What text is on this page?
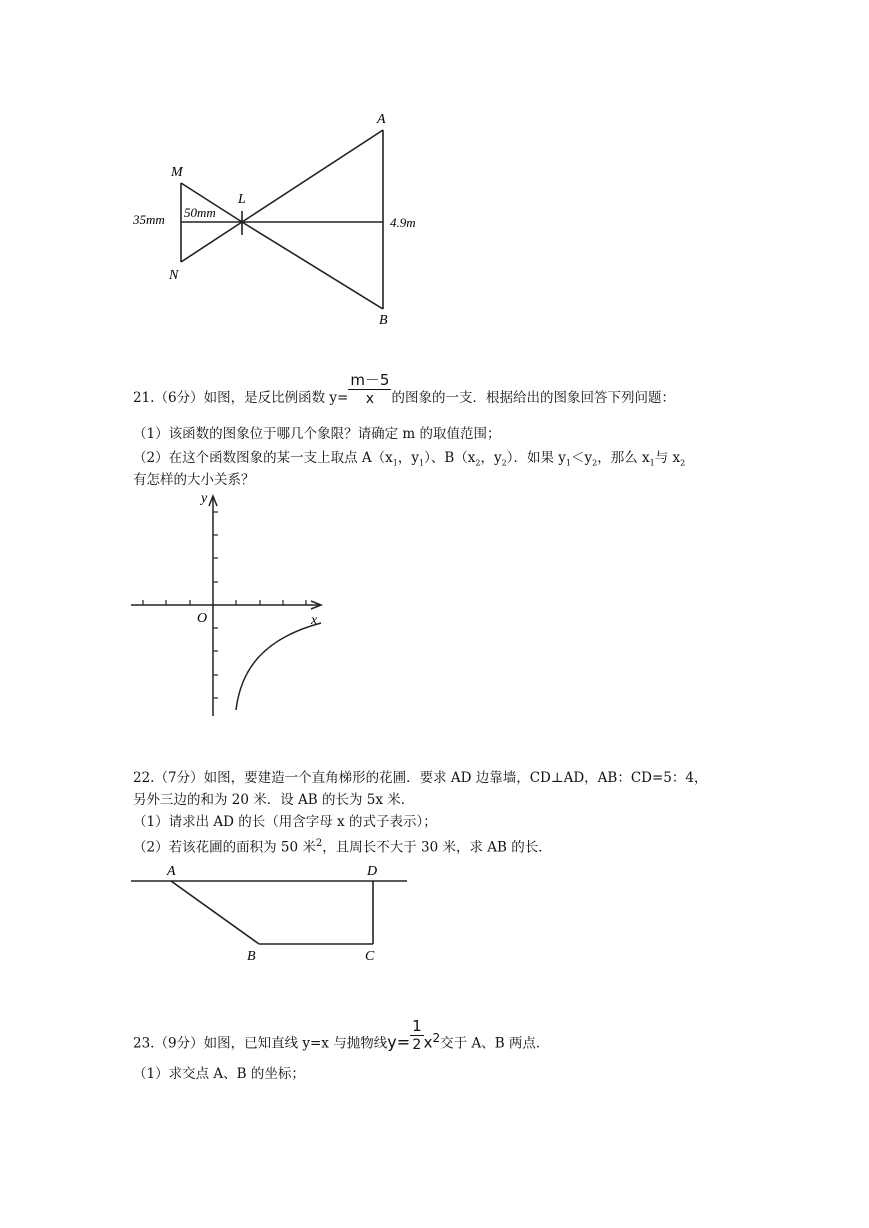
A
B
M
N
L
35mm 50mm
4.9m
21.（6分）如图，是反比例函数 $y= \frac{m-5}{x}$ 的图象的一支．根据给出的图象回答下列问题：
（1）该函数的图象位于哪几个象限？请确定 m 的取值范围；
（2）在这个函数图象的某一支上取点 $A(x_1$，$y_1$）、$B(x_2$，$y_2$）．如果 $y_1<y_2$，那么 $x_1$与 $x_2$
有怎样的大小关系？
y
x
O
22.（7分）如图，要建造一个直角梯形的花圃．要求 AD 边靠墙，CD⊥AD，AB：CD=5：4，
另外三边的和为 20 米．设 AB 的长为 5x 米．
（1）请求出 AD 的长（用含字母 x 的式子表示）；
（2）若该花圃的面积为 50 米$^2$，且周长不大于 30 米，求 AB 的长．
A	D
B	C
23.（9分）如图，已知直线 y=x 与抛物线$y= \frac{1}{2} x^2$交于 A、B 两点．
（1）求交点 A、B 的坐标；
